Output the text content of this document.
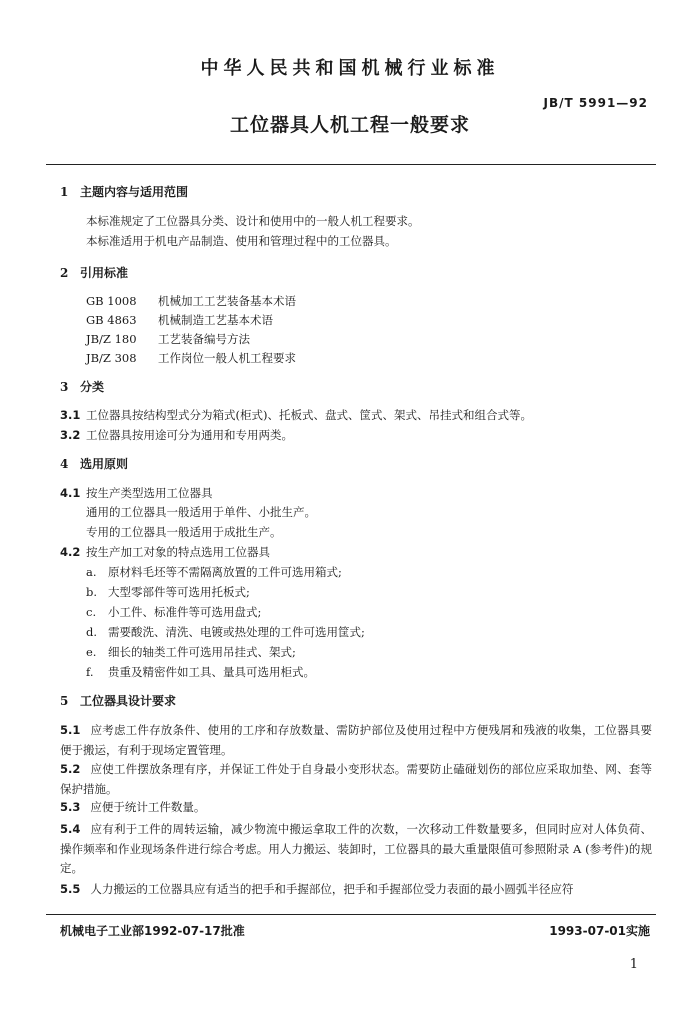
中华人民共和国机械行业标准
JB/T 5991—92
工位器具人机工程一般要求
1 主题内容与适用范围
本标准规定了工位器具分类、设计和使用中的一般人机工程要求。
本标准适用于机电产品制造、使用和管理过程中的工位器具。
2 引用标准
GB 1008 机械加工工艺装备基本术语
GB 4863 机械制造工艺基本术语
JB/Z 180 工艺装备编号方法
JB/Z 308 工作岗位一般人机工程要求
3 分类
3.1 工位器具按结构型式分为箱式(柜式)、托板式、盘式、筐式、架式、吊挂式和组合式等。
3.2 工位器具按用途可分为通用和专用两类。
4 选用原则
4.1 按生产类型选用工位器具
通用的工位器具一般适用于单件、小批生产。
专用的工位器具一般适用于成批生产。
4.2 按生产加工对象的特点选用工位器具
a. 原材料毛坯等不需隔离放置的工件可选用箱式;
b. 大型零部件等可选用托板式;
c. 小工件、标准件等可选用盘式;
d. 需要酸洗、清洗、电镀或热处理的工件可选用筐式;
e. 细长的轴类工件可选用吊挂式、架式;
f. 贵重及精密件如工具、量具可选用柜式。
5 工位器具设计要求
5.1 应考虑工件存放条件、使用的工序和存放数量、需防护部位及使用过程中方便残屑和残液的收集，工位器具要便于搬运，有利于现场定置管理。
5.2 应使工件摆放条理有序，并保证工件处于自身最小变形状态。需要防止磕碰划伤的部位应采取加垫、网、套等保护措施。
5.3 应便于统计工件数量。
5.4 应有利于工件的周转运输，减少物流中搬运拿取工件的次数，一次移动工件数量要多，但同时应对人体负荷、操作频率和作业现场条件进行综合考虑。用人力搬运、装卸时，工位器具的最大重量限值可参照附录 A (参考件)的规定。
5.5 人力搬运的工位器具应有适当的把手和手握部位，把手和手握部位受力表面的最小圆弧半径应符
机械电子工业部1992-07-17批准	1993-07-01实施
1
